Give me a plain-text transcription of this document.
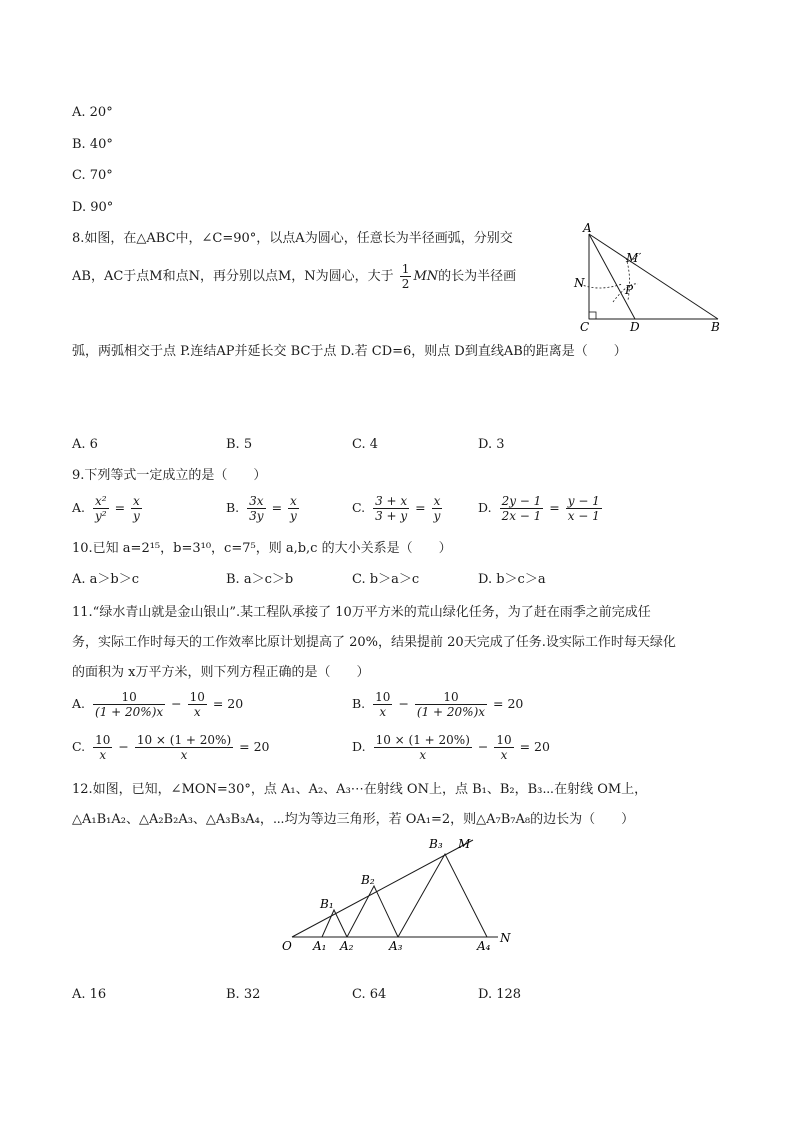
A. 20°
B. 40°
C. 70°
D. 90°
8.如图，在△ABC中，∠C=90°，以点A为圆心，任意长为半径画弧，分别交
AB，AC于点M和点N，再分别以点M，N为圆心，大于 $\frac{1}{2}$ MN的长为半径画
弧，两弧相交于点 P.连结AP并延长交 BC于点 D.若 CD=6，则点 D到直线AB的距离是（　　）
A
M
N	P
C	D	B
A. 6	B. 5	C. 4	D. 3
9.下列等式一定成立的是（　　）
A. $\frac{\text{x²}}{\text{y²}} = \frac{x}{y}$	B. $\frac{3x}{3y} = \frac{x}{y}$	C. $\frac{3 + x}{3 + y} = \frac{x}{y}$	D. $\frac{2y - 1}{2x - 1} = \frac{y - 1}{x - 1}$
10.已知 a=2¹⁵，b=3¹⁰，c=7⁵，则 a,b,c 的大小关系是（　　）
A. a＞b＞c	B. a＞c＞b	C. b＞a＞c	D. b＞c＞a
11.“绿水青山就是金山银山”.某工程队承接了 10万平方米的荒山绿化任务，为了赶在雨季之前完成任
务，实际工作时每天的工作效率比原计划提高了 20%，结果提前 20天完成了任务.设实际工作时每天绿化
的面积为 x万平方米，则下列方程正确的是（　　）
A. $\frac{10}{(1 + 20\%)x} - \frac{10}{x} = 20$	B. $\frac{10}{x} - \frac{10}{(1 + 20\%)x} = 20$
C. $\frac{10}{x} - \frac{10 \times (1 + 20\%)}{x} = 20$	D. $\frac{10 \times (1 + 20\%)}{x} - \frac{10}{x} = 20$
12.如图，已知，∠MON=30°，点 A₁、A₂、A₃⋯在射线 ON上，点 B₁、B₂，B₃⋯在射线 OM上，
△A₁B₁A₂、△A₂B₂A₃、△A₃B₃A₄，⋯均为等边三角形，若 OA₁=2，则△A₇B₇A₈的边长为（　　）
O A₁ A₂	A₃	A₄
N
B₁
B₂
B₃ M
A. 16	B. 32	C. 64	D. 128
